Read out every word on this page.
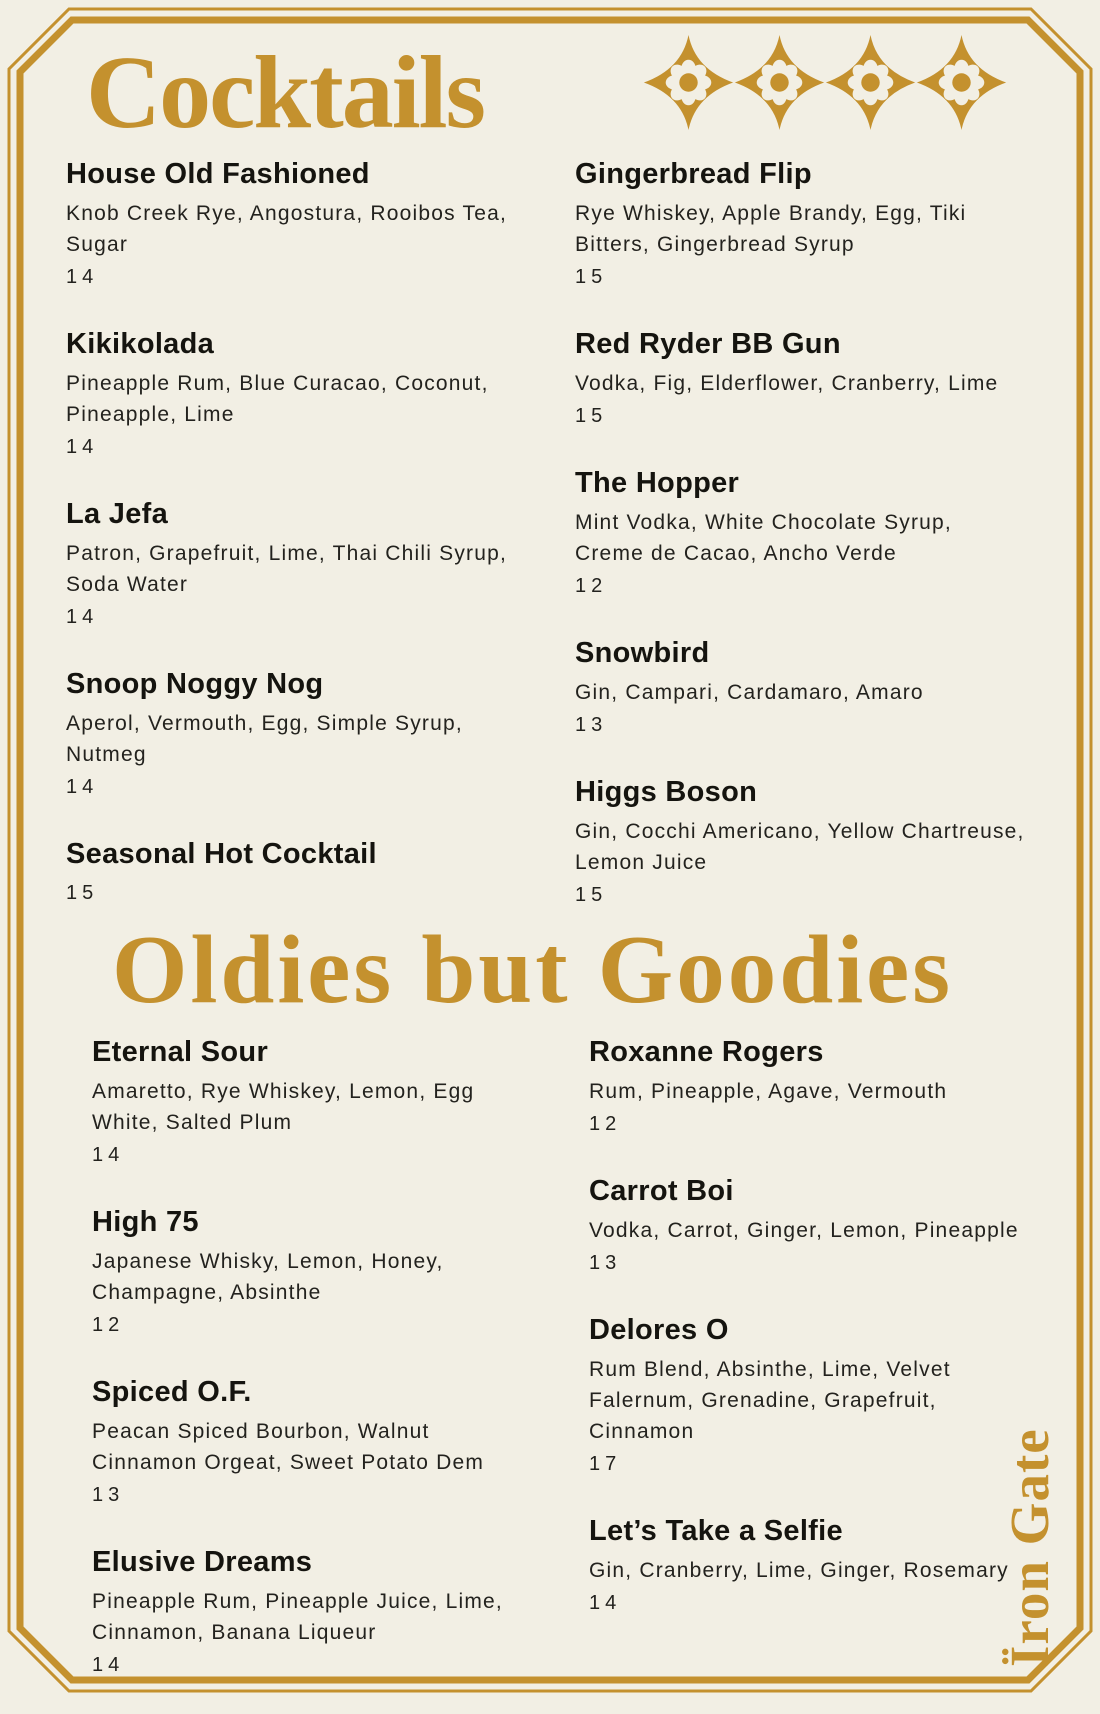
Cocktails
House Old Fashioned
Knob Creek Rye, Angostura, Rooibos Tea,
Sugar
14
Kikikolada
Pineapple Rum, Blue Curacao, Coconut,
Pineapple, Lime
14
La Jefa
Patron, Grapefruit, Lime, Thai Chili Syrup,
Soda Water
14
Snoop Noggy Nog
Aperol, Vermouth, Egg, Simple Syrup,
Nutmeg
14
Seasonal Hot Cocktail
15
Gingerbread Flip
Rye Whiskey, Apple Brandy, Egg, Tiki
Bitters, Gingerbread Syrup
15
Red Ryder BB Gun
Vodka, Fig, Elderflower, Cranberry, Lime
15
The Hopper
Mint Vodka, White Chocolate Syrup,
Creme de Cacao, Ancho Verde
12
Snowbird
Gin, Campari, Cardamaro, Amaro
13
Higgs Boson
Gin, Cocchi Americano, Yellow Chartreuse,
Lemon Juice
15
Oldies but Goodies
Eternal Sour
Amaretto, Rye Whiskey, Lemon, Egg
White, Salted Plum
14
High 75
Japanese Whisky, Lemon, Honey,
Champagne, Absinthe
12
Spiced O.F.
Peacan Spiced Bourbon, Walnut
Cinnamon Orgeat, Sweet Potato Dem
13
Elusive Dreams
Pineapple Rum, Pineapple Juice, Lime,
Cinnamon, Banana Liqueur
14
Roxanne Rogers
Rum, Pineapple, Agave, Vermouth
12
Carrot Boi
Vodka, Carrot, Ginger, Lemon, Pineapple
13
Delores O
Rum Blend, Absinthe, Lime, Velvet
Falernum, Grenadine, Grapefruit,
Cinnamon
17
Let’s Take a Selfie
Gin, Cranberry, Lime, Ginger, Rosemary
14	Ïron Gate
